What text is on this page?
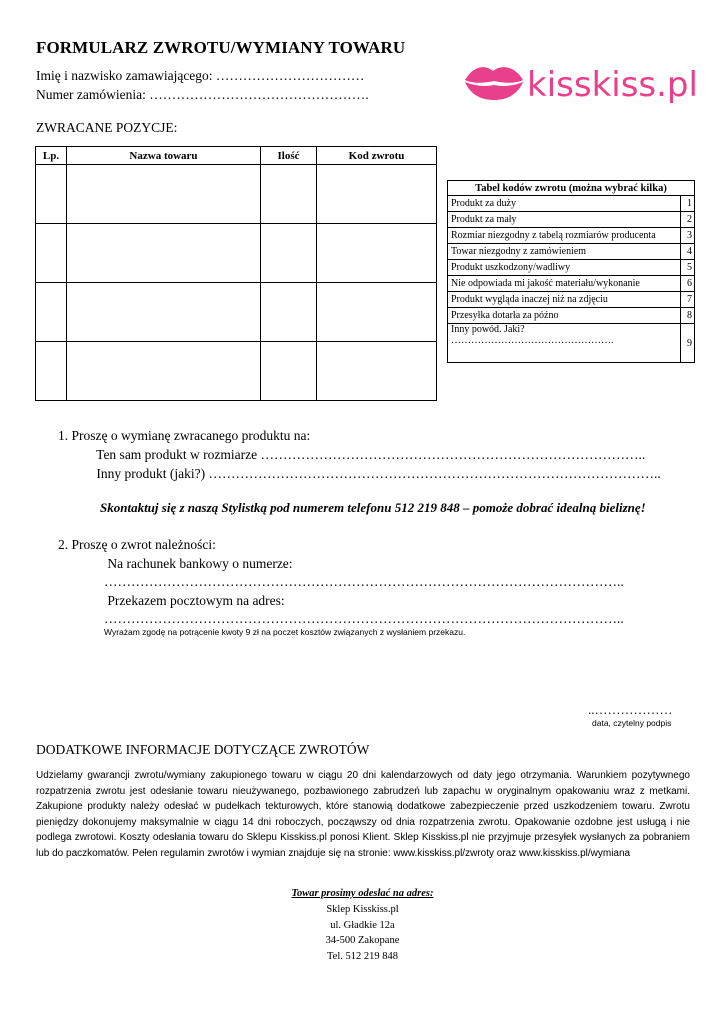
FORMULARZ ZWROTU/WYMIANY TOWARU
Imię i nazwisko zamawiającego: ……………………………
Numer zamówienia: ………………………………………….	kisskiss.pl
ZWRACANE POZYCJE:
Lp.	Nazwa towaru	Ilość	Kod zwrotu

Tabel kodów zwrotu (można wybrać kilka)	
Produkt za duży	1
Produkt za mały	2
Rozmiar niezgodny z tabelą rozmiarów producenta	3
Towar niezgodny z zamówieniem	4
Produkt uszkodzony/wadliwy	5
Nie odpowiada mi jakość materiału/wykonanie	6
Produkt wygląda inaczej niż na zdjęciu	7
Przesyłka dotarła za późno	8

Inny powód. Jaki?
………………………………………….	9
1. Proszę o wymianę zwracanego produktu na:
Ten sam produkt w rozmiarze …………………………………………………………………………..
Inny produkt (jaki?) ………………………………………………………………………………………..
Skontaktuj się z naszą Stylistką pod numerem telefonu 512 219 848 – pomoże dobrać idealną bieliznę!
2. Proszę o zwrot należności:
Na rachunek bankowy o numerze:
……………………………………………………………………………………………………..
Przekazem pocztowym na adres:
……………………………………………………………………………………………………..
Wyrażam zgodę na potrącenie kwoty 9 zł na poczet kosztów związanych z wysłaniem przekazu.
..………………
data, czytelny podpis
DODATKOWE INFORMACJE DOTYCZĄCE ZWROTÓW
Udzielamy gwarancji zwrotu/wymiany zakupionego towaru w ciągu 20 dni kalendarzowych od daty jego otrzymania. Warunkiem pozytywnego rozpatrzenia zwrotu jest odesłanie towaru nieużywanego, pozbawionego zabrudzeń lub zapachu w oryginalnym opakowaniu wraz z metkami. Zakupione produkty należy odesłać w pudełkach tekturowych, które stanowią dodatkowe zabezpieczenie przed uszkodzeniem towaru. Zwrotu pieniędzy dokonujemy maksymalnie w ciągu 14 dni roboczych, począwszy od dnia rozpatrzenia zwrotu. Opakowanie ozdobne jest usługą i nie podlega zwrotowi. Koszty odesłania towaru do Sklepu Kisskiss.pl ponosi Klient. Sklep Kisskiss.pl nie przyjmuje przesyłek wysłanych za pobraniem lub do paczkomatów. Pełen regulamin zwrotów i wymian znajduje się na stronie: www.kisskiss.pl/zwroty oraz www.kisskiss.pl/wymiana
Towar prosimy odesłać na adres:
Sklep Kisskiss.pl
ul. Gładkie 12a
34-500 Zakopane
Tel. 512 219 848
